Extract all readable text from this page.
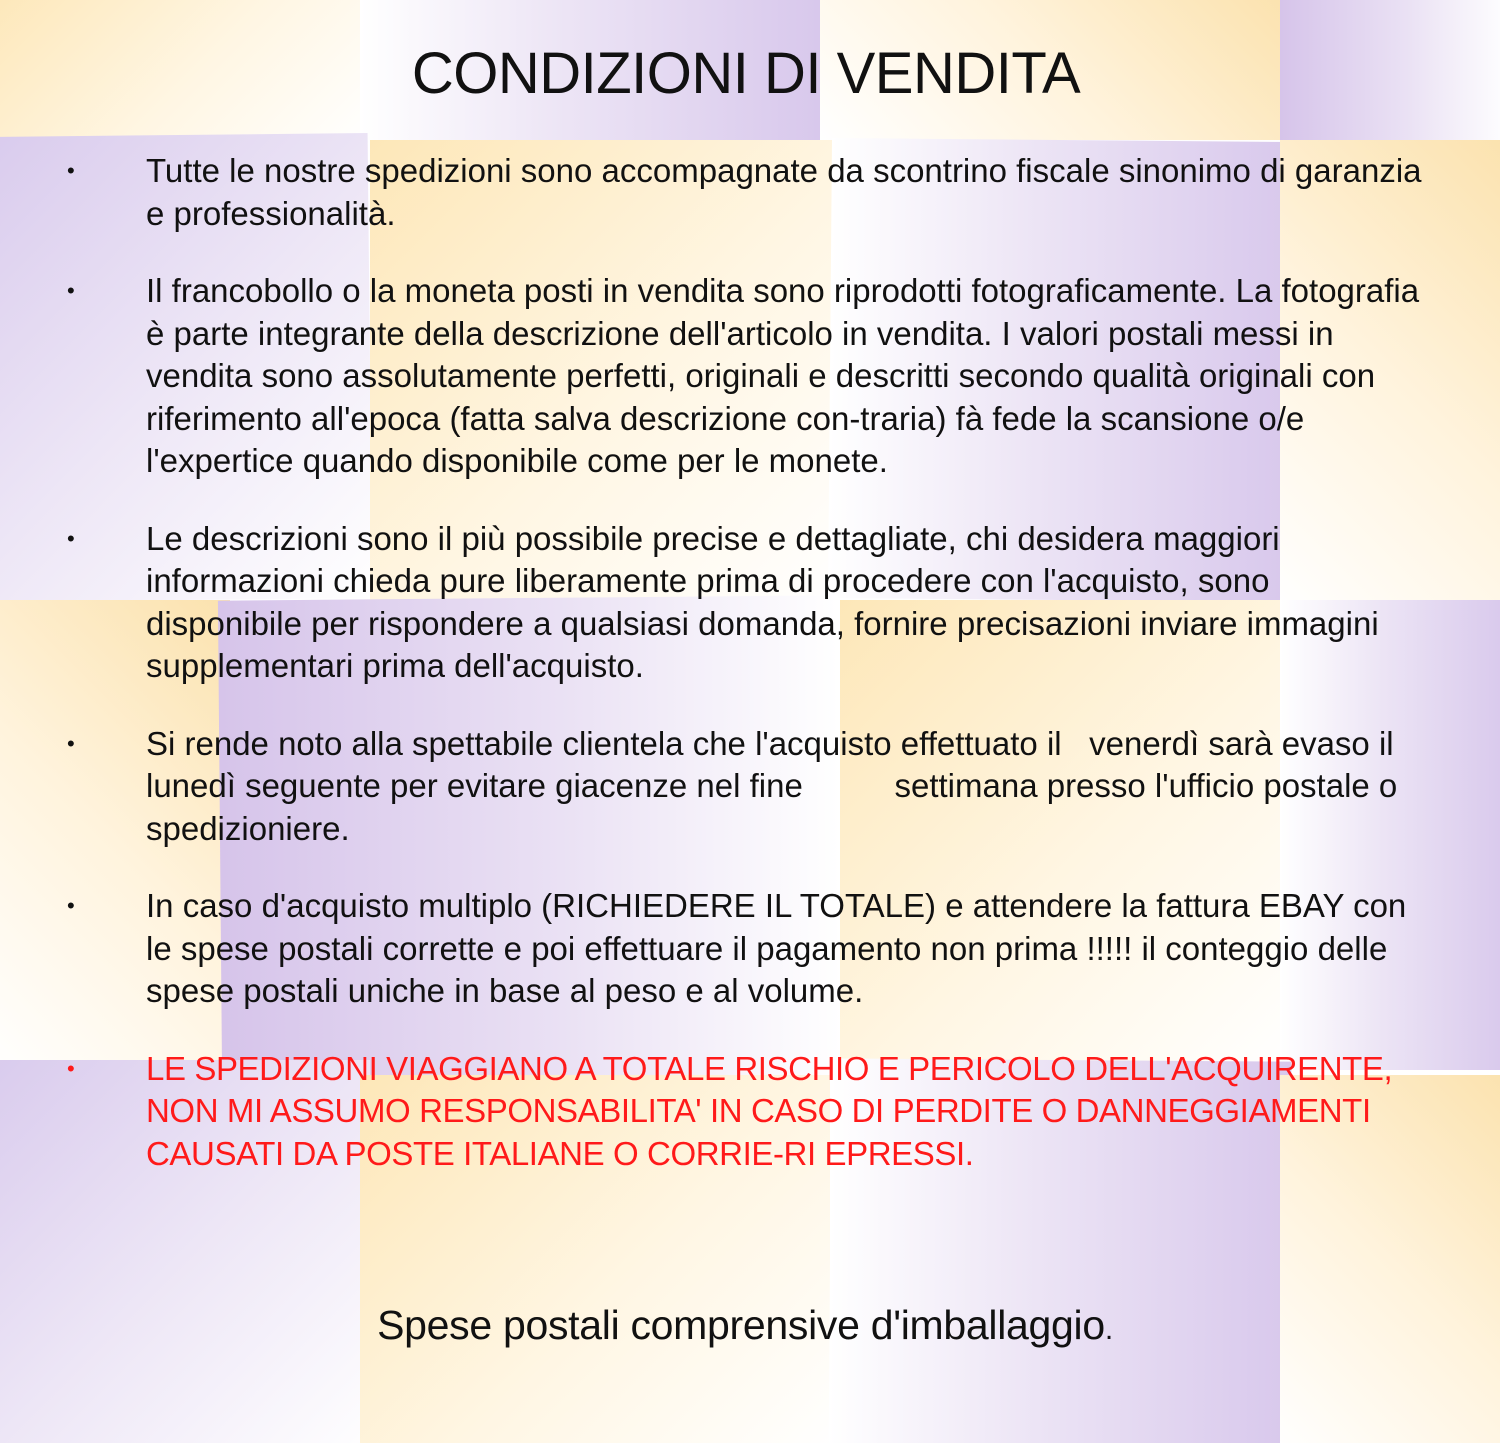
CONDIZIONI DI VENDITA
• Tutte le nostre spedizioni sono accompagnate da scontrino fiscale sinonimo di garanzia e professionalità.
• Il francobollo o la moneta posti in vendita sono riprodotti fotograficamente. La fotografia è parte integrante della descrizione dell'articolo in vendita. I valori postali messi in vendita sono assolutamente perfetti, originali e descritti secondo qualità originali con riferimento all'epoca (fatta salva descrizione con-traria) fà fede la scansione o/e l'expertice quando disponibile come per le monete.
• Le descrizioni sono il più possibile precise e dettagliate, chi desidera maggiori informazioni chieda pure liberamente prima di procedere con l'acquisto, sono disponibile per rispondere a qualsiasi domanda, fornire precisazioni inviare immagini supplementari prima dell'acquisto.
• Si rende noto alla spettabile clientela che l'acquisto effettuato il   venerdì sarà evaso il lunedì seguente per evitare giacenze nel fine          settimana presso l'ufficio postale o spedizioniere.
• In caso d'acquisto multiplo (RICHIEDERE IL TOTALE) e attendere la fattura EBAY con le spese postali corrette e poi effettuare il pagamento non prima !!!!! il conteggio delle spese postali uniche in base al peso e al volume.
• LE SPEDIZIONI VIAGGIANO A TOTALE RISCHIO E PERICOLO DELL'ACQUIRENTE, NON MI ASSUMO RESPONSABILITA' IN CASO DI PERDITE O DANNEGGIAMENTI CAUSATI DA POSTE ITALIANE O CORRIE-RI EPRESSI.

Spese postali comprensive d'imballaggio.
